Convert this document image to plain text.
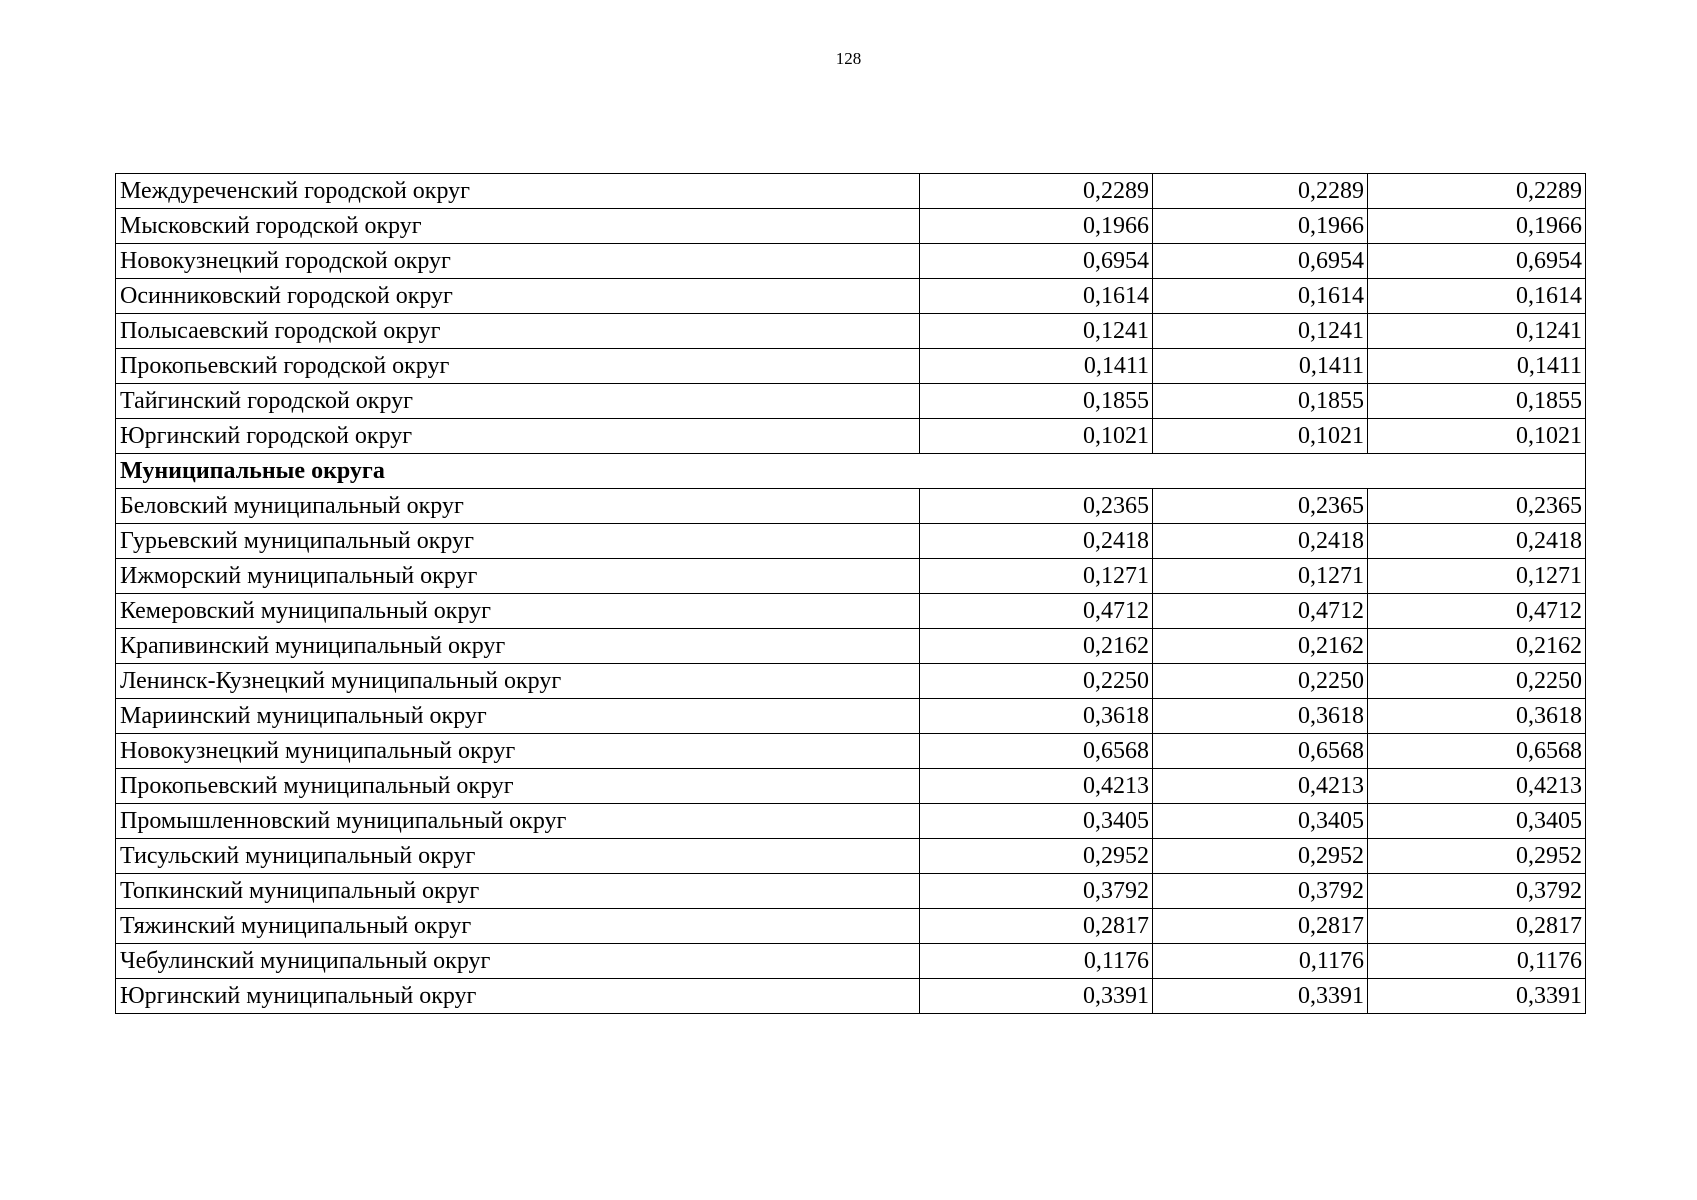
128
Междуреченский городской округ	0,2289	0,2289	0,2289
Мысковский городской округ	0,1966	0,1966	0,1966
Новокузнецкий городской округ	0,6954	0,6954	0,6954
Осинниковский городской округ	0,1614	0,1614	0,1614
Полысаевский городской округ	0,1241	0,1241	0,1241
Прокопьевский городской округ	0,1411	0,1411	0,1411
Тайгинский городской округ	0,1855	0,1855	0,1855
Юргинский городской округ	0,1021	0,1021	0,1021
Муниципальные округа			
Беловский муниципальный округ	0,2365	0,2365	0,2365
Гурьевский муниципальный округ	0,2418	0,2418	0,2418
Ижморский муниципальный округ	0,1271	0,1271	0,1271
Кемеровский муниципальный округ	0,4712	0,4712	0,4712
Крапивинский муниципальный округ	0,2162	0,2162	0,2162
Ленинск-Кузнецкий муниципальный округ	0,2250	0,2250	0,2250
Мариинский муниципальный округ	0,3618	0,3618	0,3618
Новокузнецкий муниципальный округ	0,6568	0,6568	0,6568
Прокопьевский муниципальный округ	0,4213	0,4213	0,4213
Промышленновский муниципальный округ	0,3405	0,3405	0,3405
Тисульский муниципальный округ	0,2952	0,2952	0,2952
Топкинский муниципальный округ	0,3792	0,3792	0,3792
Тяжинский муниципальный округ	0,2817	0,2817	0,2817
Чебулинский муниципальный округ	0,1176	0,1176	0,1176
Юргинский муниципальный округ	0,3391	0,3391	0,3391
